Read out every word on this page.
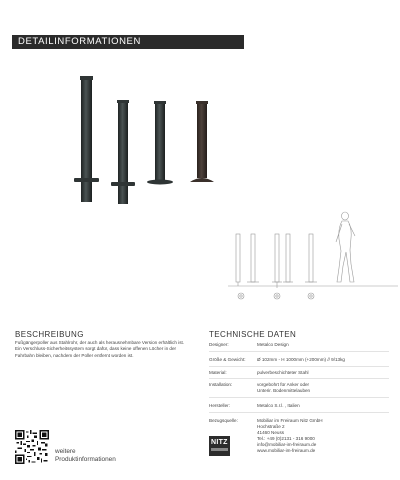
DETAILINFORMATIONEN
BESCHREIBUNG

Fußgängerpoller aus Stahlrohr, der auch als herausnehmbare Version erhältlich ist.

Ein Verschluss-Sicherheitssystem sorgt dafür, dass keine offenen Löcher in der Fahrbahn bleiben, nachdem der Poller entfernt worden ist.

TECHNISCHE DATEN
Designer:	Metalco Design
Größe & Gewicht:	Ø 102mm - H 1000mm (+200mm) // 9/13kg
Material:	pulverbeschichteter Stahl
Installation:	vorgebohrt für Anker oder
Unterir. Bodenmittelauben
Hersteller:	Metalco S.r.l. , Italien
Bezugsquelle:	Mobiliar im Freiraum Nitz GmbH
Hochstraße 2
41460 Neuss
Tel.: +49 (0)2131 - 316 9000
info@mobiliar-im-freiraum.de
www.mobiliar-im-freiraum.de
weitere
Produktinformationen
NITZ
